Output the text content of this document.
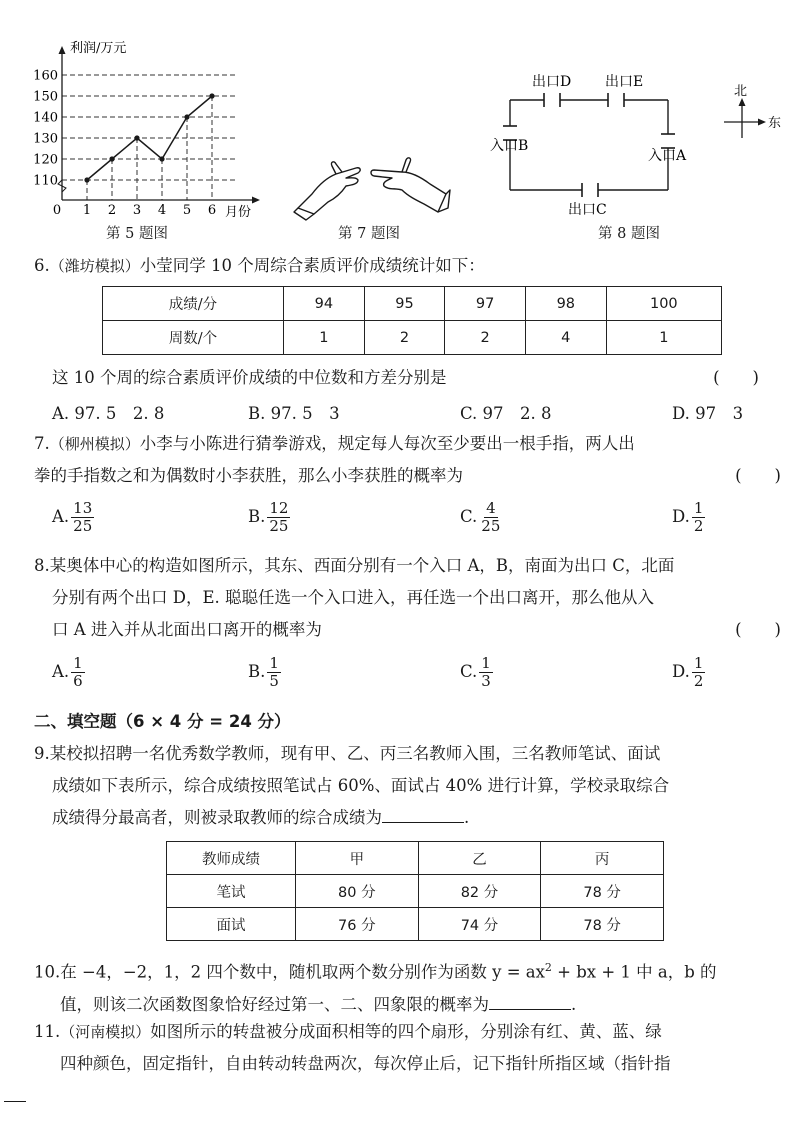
利润/万元
月份
0
110
120
130
140
150
160
1 2 3 4 5 6
第 5 题图	第 7 题图
出口D 出口E
入口B
入口A
出口C
北
东
第 8 题图
6.（潍坊模拟）小莹同学 10 个周综合素质评价成绩统计如下：
成绩/分	94	95	97	98	100
周数/个	1	2	2	4	1
这 10 个周的综合素质评价成绩的中位数和方差分别是	(　　)
A. 97. 5　2. 8	B. 97. 5　3	C. 97　2. 8	D. 97　3
7.（柳州模拟）小李与小陈进行猜拳游戏，规定每人每次至少要出一根手指，两人出
拳的手指数之和为偶数时小李获胜，那么小李获胜的概率为	(　　)
A. $\frac{13}{25}$	B. $\frac{12}{25}$	C. $\frac{4}{25}$	D. $\frac{1}{2}$
8.某奥体中心的构造如图所示，其东、西面分别有一个入口 A，B，南面为出口 C，北面
分别有两个出口 D，E. 聪聪任选一个入口进入，再任选一个出口离开，那么他从入
口 A 进入并从北面出口离开的概率为	(　　)
A. $\frac{1}{6}$	B. $\frac{1}{5}$	C. $\frac{1}{3}$	D. $\frac{1}{2}$
二、填空题（6 × 4 分 = 24 分）
9.某校拟招聘一名优秀数学教师，现有甲、乙、丙三名教师入围，三名教师笔试、面试
成绩如下表所示，综合成绩按照笔试占 60%、面试占 40% 进行计算，学校录取综合
成绩得分最高者，则被录取教师的综合成绩为	.
教师成绩	甲	乙	丙
笔试	80 分	82 分	78 分
面试	76 分	74 分	78 分
10.在 −4，−2，1，2 四个数中，随机取两个数分别作为函数 $y = ax^2$ + bx + 1 中 a，b 的
值，则该二次函数图象恰好经过第一、二、四象限的概率为	.
11.（河南模拟）如图所示的转盘被分成面积相等的四个扇形，分别涂有红、黄、蓝、绿
四种颜色，固定指针，自由转动转盘两次，每次停止后，记下指针所指区域（指针指
